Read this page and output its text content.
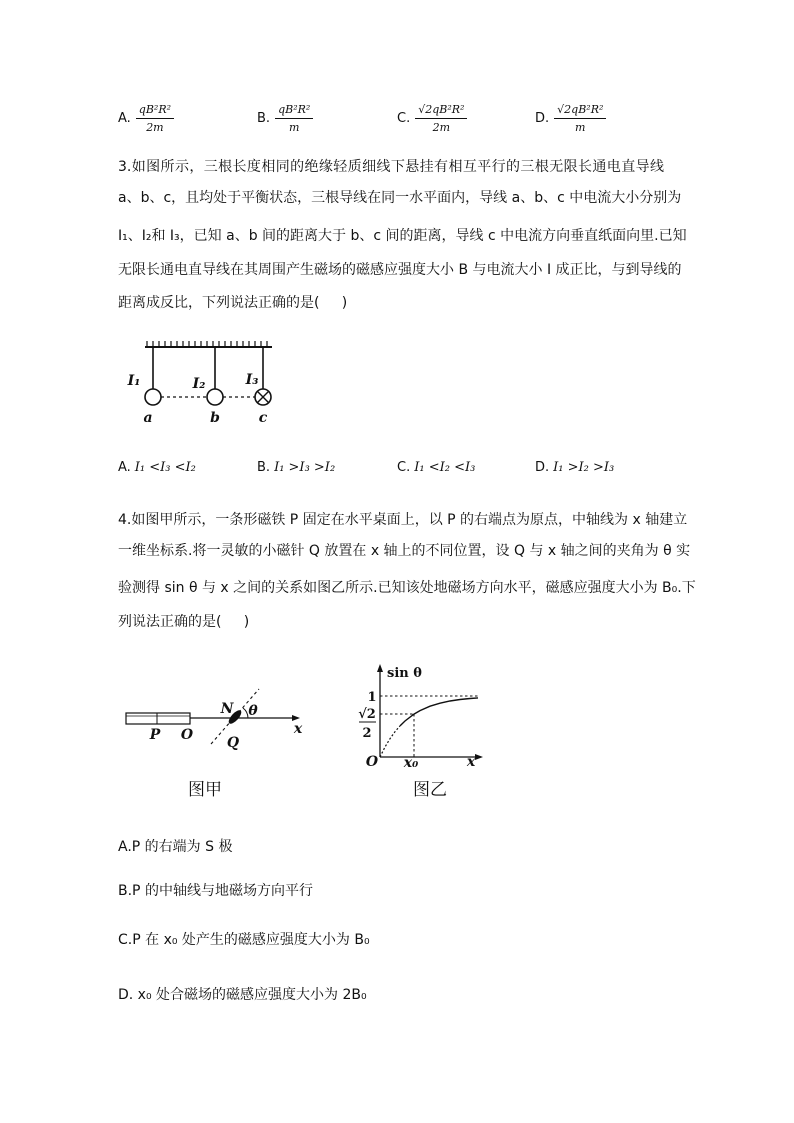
A. $\frac{\text{qB²R²}}{2m}$	B. $\frac{\text{qB²R²}}{m}$	C. $\frac{\text{√2qB²R²}}{2m}$	D. $\frac{\text{√2qB²R²}}{m}$
3.如图所示，三根长度相同的绝缘轻质细线下悬挂有相互平行的三根无限长通电直导线
a、b、c，且均处于平衡状态，三根导线在同一水平面内，导线 a、b、c 中电流大小分别为
I₁、I₂和 I₃，已知 a、b 间的距离大于 b、c 间的距离，导线 c 中电流方向垂直纸面向里.已知
无限长通电直导线在其周围产生磁场的磁感应强度大小 B 与电流大小 I 成正比，与到导线的
距离成反比，下列说法正确的是(     )
I₁	I₂	I₃
a	b	c
A. I₁ <I₃ <I₂	B. I₁ >I₃ >I₂	C. I₁ <I₂ <I₃	D. I₁ >I₂ >I₃
4.如图甲所示，一条形磁铁 P 固定在水平桌面上，以 P 的右端点为原点，中轴线为 x 轴建立
一维坐标系.将一灵敏的小磁针 Q 放置在 x 轴上的不同位置，设 Q 与 x 轴之间的夹角为 θ 实
验测得 sin θ 与 x 之间的关系如图乙所示.已知该处地磁场方向水平，磁感应强度大小为 B₀.下
列说法正确的是(     )
P O
N θ
Q
x
sin θ
1
√2
2
O x₀	x
图甲	图乙
A.P 的右端为 S 极
B.P 的中轴线与地磁场方向平行
C.P 在 x₀ 处产生的磁感应强度大小为 B₀
D. x₀ 处合磁场的磁感应强度大小为 2B₀
